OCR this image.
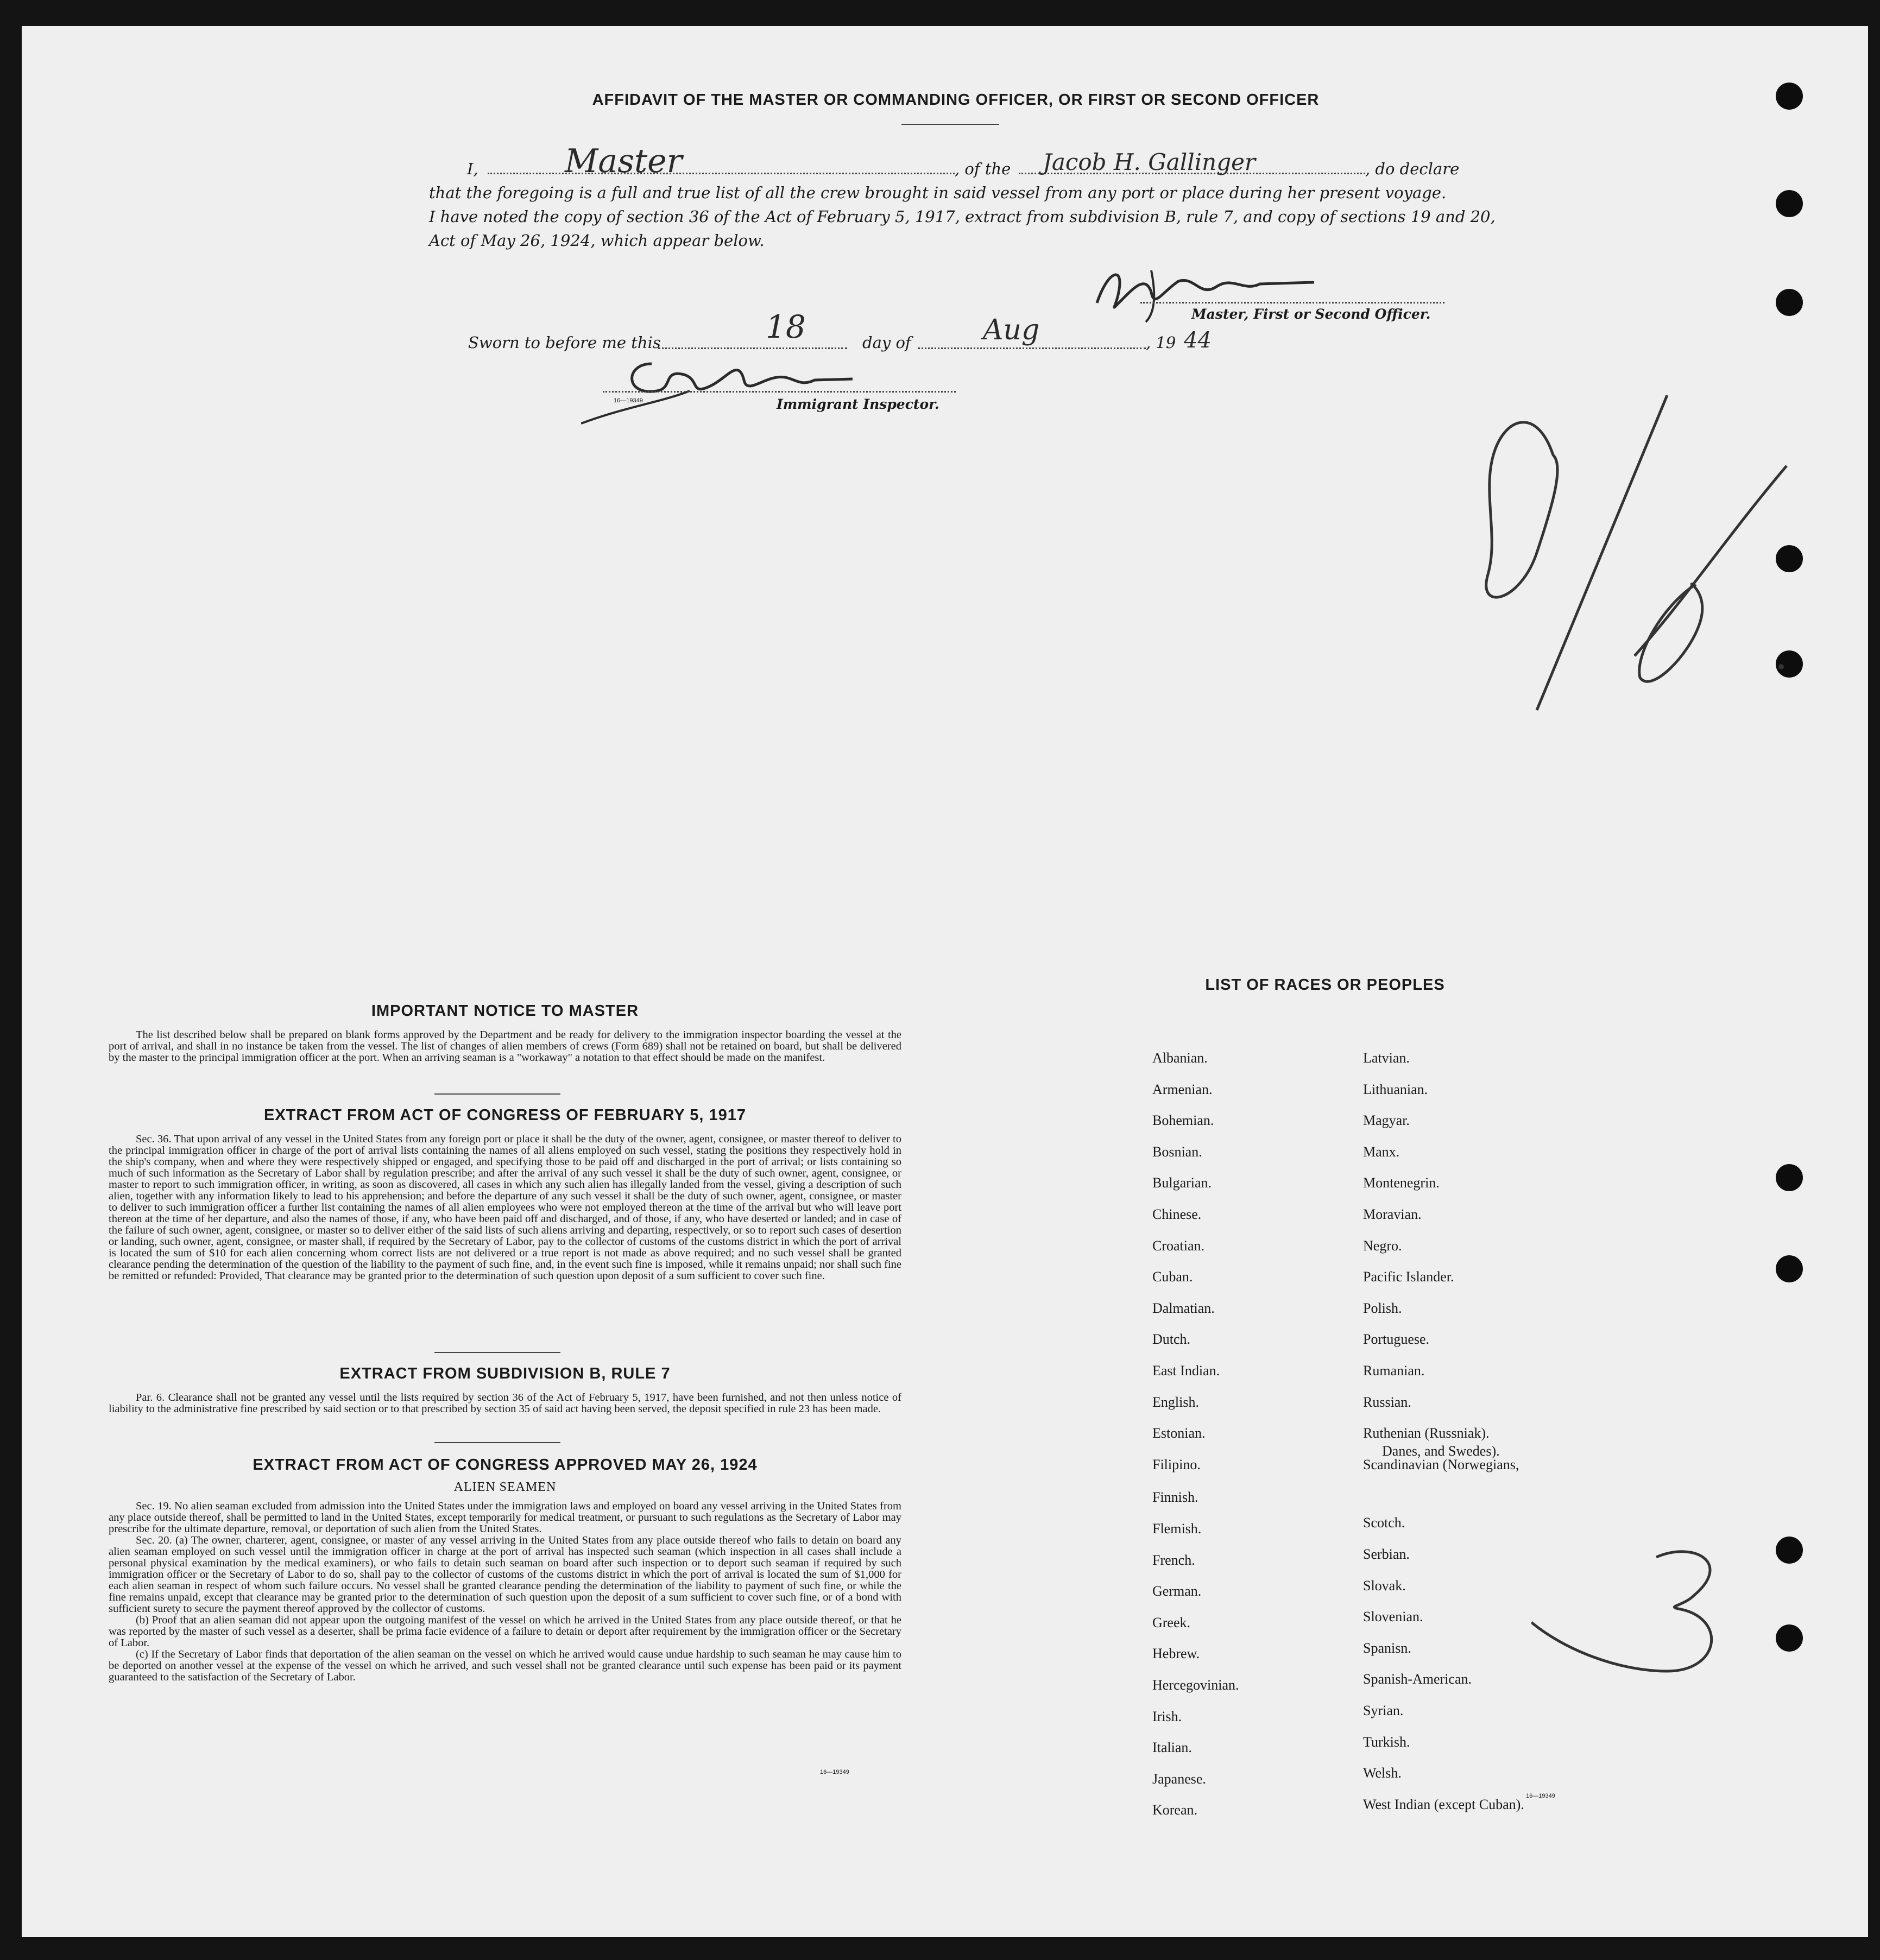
AFFIDAVIT OF THE MASTER OR COMMANDING OFFICER, OR FIRST OR SECOND OFFICER
I,	Master	, of the Jacob H. Gallinger	, do declare
that the foregoing is a full and true list of all the crew brought in said vessel from any port or place during her present voyage.
I have noted the copy of section 36 of the Act of February 5, 1917, extract from subdivision B, rule 7, and copy of sections 19 and 20,
Act of May 26, 1924, which appear below.
Master, First or Second Officer.
Sworn to before me this	18	day of	Aug	, 19 44
16—19349	Immigrant Inspector.
IMPORTANT NOTICE TO MASTER

The list described below shall be prepared on blank forms approved by the Department and be ready for delivery to the immigration inspector boarding the vessel at the port of arrival, and shall in no instance be taken from the vessel. The list of changes of alien members of crews (Form 689) shall not be retained on board, but shall be delivered by the master to the principal immigration officer at the port. When an arriving seaman is a "workaway" a notation to that effect should be made on the manifest.

EXTRACT FROM ACT OF CONGRESS OF FEBRUARY 5, 1917

Sec. 36. That upon arrival of any vessel in the United States from any foreign port or place it shall be the duty of the owner, agent, consignee, or master thereof to deliver to the principal immigration officer in charge of the port of arrival lists containing the names of all aliens employed on such vessel, stating the positions they respectively hold in the ship's company, when and where they were respectively shipped or engaged, and specifying those to be paid off and discharged in the port of arrival; or lists containing so much of such information as the Secretary of Labor shall by regulation prescribe; and after the arrival of any such vessel it shall be the duty of such owner, agent, consignee, or master to report to such immigration officer, in writing, as soon as discovered, all cases in which any such alien has illegally landed from the vessel, giving a description of such alien, together with any information likely to lead to his apprehension; and before the departure of any such vessel it shall be the duty of such owner, agent, consignee, or master to deliver to such immigration officer a further list containing the names of all alien employees who were not employed thereon at the time of the arrival but who will leave port thereon at the time of her departure, and also the names of those, if any, who have been paid off and discharged, and of those, if any, who have deserted or landed; and in case of the failure of such owner, agent, consignee, or master so to deliver either of the said lists of such aliens arriving and departing, respectively, or so to report such cases of desertion or landing, such owner, agent, consignee, or master shall, if required by the Secretary of Labor, pay to the collector of customs of the customs district in which the port of arrival is located the sum of $10 for each alien concerning whom correct lists are not delivered or a true report is not made as above required; and no such vessel shall be granted clearance pending the determination of the question of the liability to the payment of such fine, and, in the event such fine is imposed, while it remains unpaid; nor shall such fine be remitted or refunded: Provided, That clearance may be granted prior to the determination of such question upon deposit of a sum sufficient to cover such fine.

EXTRACT FROM SUBDIVISION B, RULE 7

Par. 6. Clearance shall not be granted any vessel until the lists required by section 36 of the Act of February 5, 1917, have been furnished, and not then unless notice of liability to the administrative fine prescribed by said section or to that prescribed by section 35 of said act having been served, the deposit specified in rule 23 has been made.

EXTRACT FROM ACT OF CONGRESS APPROVED MAY 26, 1924
ALIEN SEAMEN

Sec. 19. No alien seaman excluded from admission into the United States under the immigration laws and employed on board any vessel arriving in the United States from any place outside thereof, shall be permitted to land in the United States, except temporarily for medical treatment, or pursuant to such regulations as the Secretary of Labor may prescribe for the ultimate departure, removal, or deportation of such alien from the United States.

Sec. 20. (a) The owner, charterer, agent, consignee, or master of any vessel arriving in the United States from any place outside thereof who fails to detain on board any alien seaman employed on such vessel until the immigration officer in charge at the port of arrival has inspected such seaman (which inspection in all cases shall include a personal physical examination by the medical examiners), or who fails to detain such seaman on board after such inspection or to deport such seaman if required by such immigration officer or the Secretary of Labor to do so, shall pay to the collector of customs of the customs district in which the port of arrival is located the sum of $1,000 for each alien seaman in respect of whom such failure occurs. No vessel shall be granted clearance pending the determination of the liability to payment of such fine, or while the fine remains unpaid, except that clearance may be granted prior to the determination of such question upon the deposit of a sum sufficient to cover such fine, or of a bond with sufficient surety to secure the payment thereof approved by the collector of customs.

(b) Proof that an alien seaman did not appear upon the outgoing manifest of the vessel on which he arrived in the United States from any place outside thereof, or that he was reported by the master of such vessel as a deserter, shall be prima facie evidence of a failure to detain or deport after requirement by the immigration officer or the Secretary of Labor.

(c) If the Secretary of Labor finds that deportation of the alien seaman on the vessel on which he arrived would cause undue hardship to such seaman he may cause him to be deported on another vessel at the expense of the vessel on which he arrived, and such vessel shall not be granted clearance until such expense has been paid or its payment guaranteed to the satisfaction of the Secretary of Labor.

16—19349
LIST OF RACES OR PEOPLES
Albanian.
Armenian.
Bohemian.
Bosnian.
Bulgarian.
Chinese.
Croatian.
Cuban.
Dalmatian.
Dutch.
East Indian.
English.
Estonian.
Filipino.
Finnish.
Flemish.
French.
German.
Greek.
Hebrew.
Hercegovinian.
Irish.
Italian.
Japanese.
Korean.
Latvian.
Lithuanian.
Magyar.
Manx.
Montenegrin.
Moravian.
Negro.
Pacific Islander.
Polish.
Portuguese.
Rumanian.
Russian.
Ruthenian (Russniak).
Scandinavian (Norwegians,
Scotch.
Serbian.
Slovak.
Slovenian.
Spanisn.
Spanish-American.
Syrian.
Turkish.
Welsh.
West Indian (except Cuban).
Danes, and Swedes).
16—19349
